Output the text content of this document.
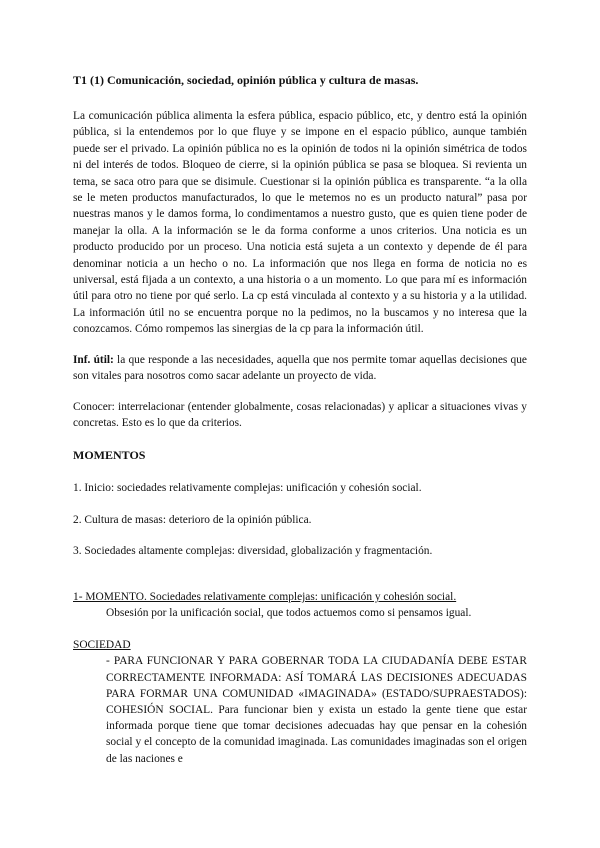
T1 (1) Comunicación, sociedad, opinión pública y cultura de masas.

La comunicación pública alimenta la esfera pública, espacio público, etc, y dentro está la opinión pública, si la entendemos por lo que fluye y se impone en el espacio público, aunque también puede ser el privado. La opinión pública no es la opinión de todos ni la opinión simétrica de todos ni del interés de todos. Bloqueo de cierre, si la opinión pública se pasa se bloquea. Si revienta un tema, se saca otro para que se disimule. Cuestionar si la opinión pública es transparente. “a la olla se le meten productos manufacturados, lo que le metemos no es un producto natural” pasa por nuestras manos y le damos forma, lo condimentamos a nuestro gusto, que es quien tiene poder de manejar la olla. A la información se le da forma conforme a unos criterios. Una noticia es un producto producido por un proceso. Una noticia está sujeta a un contexto y depende de él para denominar noticia a un hecho o no. La información que nos llega en forma de noticia no es universal, está fijada a un contexto, a una historia o a un momento. Lo que para mí es información útil para otro no tiene por qué serlo. La cp está vinculada al contexto y a su historia y a la utilidad. La información útil no se encuentra porque no la pedimos, no la buscamos y no interesa que la conozcamos. Cómo rompemos las sinergias de la cp para la información útil.

Inf. útil: la que responde a las necesidades, aquella que nos permite tomar aquellas decisiones que son vitales para nosotros como sacar adelante un proyecto de vida.

Conocer: interrelacionar (entender globalmente, cosas relacionadas) y aplicar a situaciones vivas y concretas. Esto es lo que da criterios.

MOMENTOS

1. Inicio: sociedades relativamente complejas: unificación y cohesión social.

2. Cultura de masas: deterioro de la opinión pública.

3. Sociedades altamente complejas: diversidad, globalización y fragmentación.

1- MOMENTO. Sociedades relativamente complejas: unificación y cohesión social.

Obsesión por la unificación social, que todos actuemos como si pensamos igual.

SOCIEDAD

- PARA FUNCIONAR Y PARA GOBERNAR TODA LA CIUDADANÍA DEBE ESTAR CORRECTAMENTE INFORMADA: ASÍ TOMARÁ LAS DECISIONES ADECUADAS PARA FORMAR UNA COMUNIDAD «IMAGINADA» (ESTADO/SUPRAESTADOS): COHESIÓN SOCIAL. Para funcionar bien y exista un estado la gente tiene que estar informada porque tiene que tomar decisiones adecuadas hay que pensar en la cohesión social y el concepto de la comunidad imaginada. Las comunidades imaginadas son el origen de las naciones e
